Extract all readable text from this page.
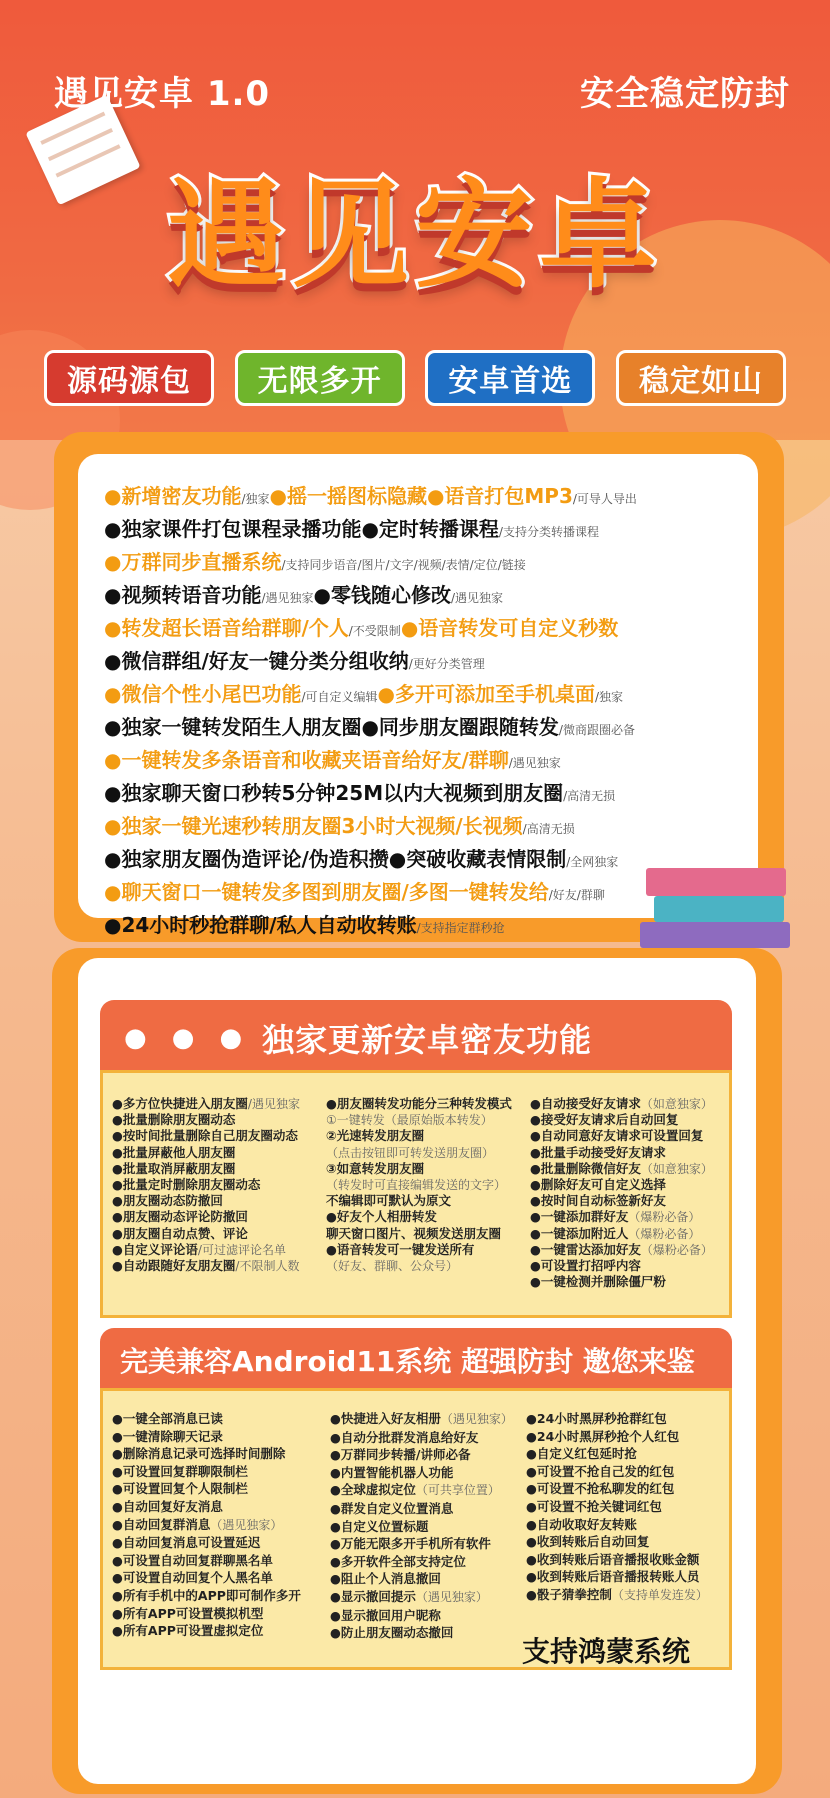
遇见安卓 1.0	安全稳定防封
遇见安卓
源码源包	无限多开	安卓首选	稳定如山
●新增密友功能/独家●摇一摇图标隐藏●语音打包MP3/可导人导出
●独家课件打包课程录播功能●定时转播课程/支持分类转播课程
●万群同步直播系统/支持同步语音/图片/文字/视频/表情/定位/链接
●视频转语音功能/遇见独家●零钱随心修改/遇见独家
●转发超长语音给群聊/个人/不受限制●语音转发可自定义秒数
●微信群组/好友一键分类分组收纳/更好分类管理
●微信个性小尾巴功能/可自定义编辑●多开可添加至手机桌面/独家
●独家一键转发陌生人朋友圈●同步朋友圈跟随转发/微商跟圈必备
●一键转发多条语音和收藏夹语音给好友/群聊/遇见独家
●独家聊天窗口秒转5分钟25M以内大视频到朋友圈/高清无损
●独家一键光速秒转朋友圈3小时大视频/长视频/高清无损
●独家朋友圈伪造评论/伪造积攒●突破收藏表情限制/全网独家
●聊天窗口一键转发多图到朋友圈/多图一键转发给/好友/群聊
●24小时秒抢群聊/私人自动收转账/支持指定群秒抢
● ● ● 独家更新安卓密友功能
●多方位快捷进入朋友圈/遇见独家
●批量删除朋友圈动态
●按时间批量删除自己朋友圈动态
●批量屏蔽他人朋友圈
●批量取消屏蔽朋友圈
●批量定时删除朋友圈动态
●朋友圈动态防撤回
●朋友圈动态评论防撤回
●朋友圈自动点赞、评论
●自定义评论语/可过滤评论名单
●自动跟随好友朋友圈/不限制人数
●朋友圈转发功能分三种转发模式
①一键转发（最原始版本转发）
②光速转发朋友圈
（点击按钮即可转发送朋友圈）
③如意转发朋友圈
（转发时可直接编辑发送的文字）
不编辑即可默认为原文
●好友个人相册转发
聊天窗口图片、视频发送朋友圈
●语音转发可一键发送所有
（好友、群聊、公众号）
●自动接受好友请求（如意独家）
●接受好友请求后自动回复
●自动同意好友请求可设置回复
●批量手动接受好友请求
●批量删除微信好友（如意独家）
●删除好友可自定义选择
●按时间自动标签新好友
●一键添加群好友（爆粉必备）
●一键添加附近人（爆粉必备）
●一键雷达添加好友（爆粉必备）
●可设置打招呼内容
●一键检测并删除僵尸粉
完美兼容Android11系统 超强防封 邀您来鉴
●一键全部消息已读
●一键清除聊天记录
●删除消息记录可选择时间删除
●可设置回复群聊限制栏
●可设置回复个人限制栏
●自动回复好友消息
●自动回复群消息（遇见独家）
●自动回复消息可设置延迟
●可设置自动回复群聊黑名单
●可设置自动回复个人黑名单
●所有手机中的APP即可制作多开
●所有APP可设置模拟机型
●所有APP可设置虚拟定位
●快捷进入好友相册（遇见独家）
●自动分批群发消息给好友
●万群同步转播/讲师必备
●内置智能机器人功能
●全球虚拟定位（可共享位置）
●群发自定义位置消息
●自定义位置标题
●万能无限多开手机所有软件
●多开软件全部支持定位
●阻止个人消息撤回
●显示撤回提示（遇见独家）
●显示撤回用户昵称
●防止朋友圈动态撤回
●24小时黑屏秒抢群红包
●24小时黑屏秒抢个人红包
●自定义红包延时抢
●可设置不抢自己发的红包
●可设置不抢私聊发的红包
●可设置不抢关键词红包
●自动收取好友转账
●收到转账后自动回复
●收到转账后语音播报收账金额
●收到转账后语音播报转账人员
●骰子猜拳控制（支持单发连发）
支持鸿蒙系统
